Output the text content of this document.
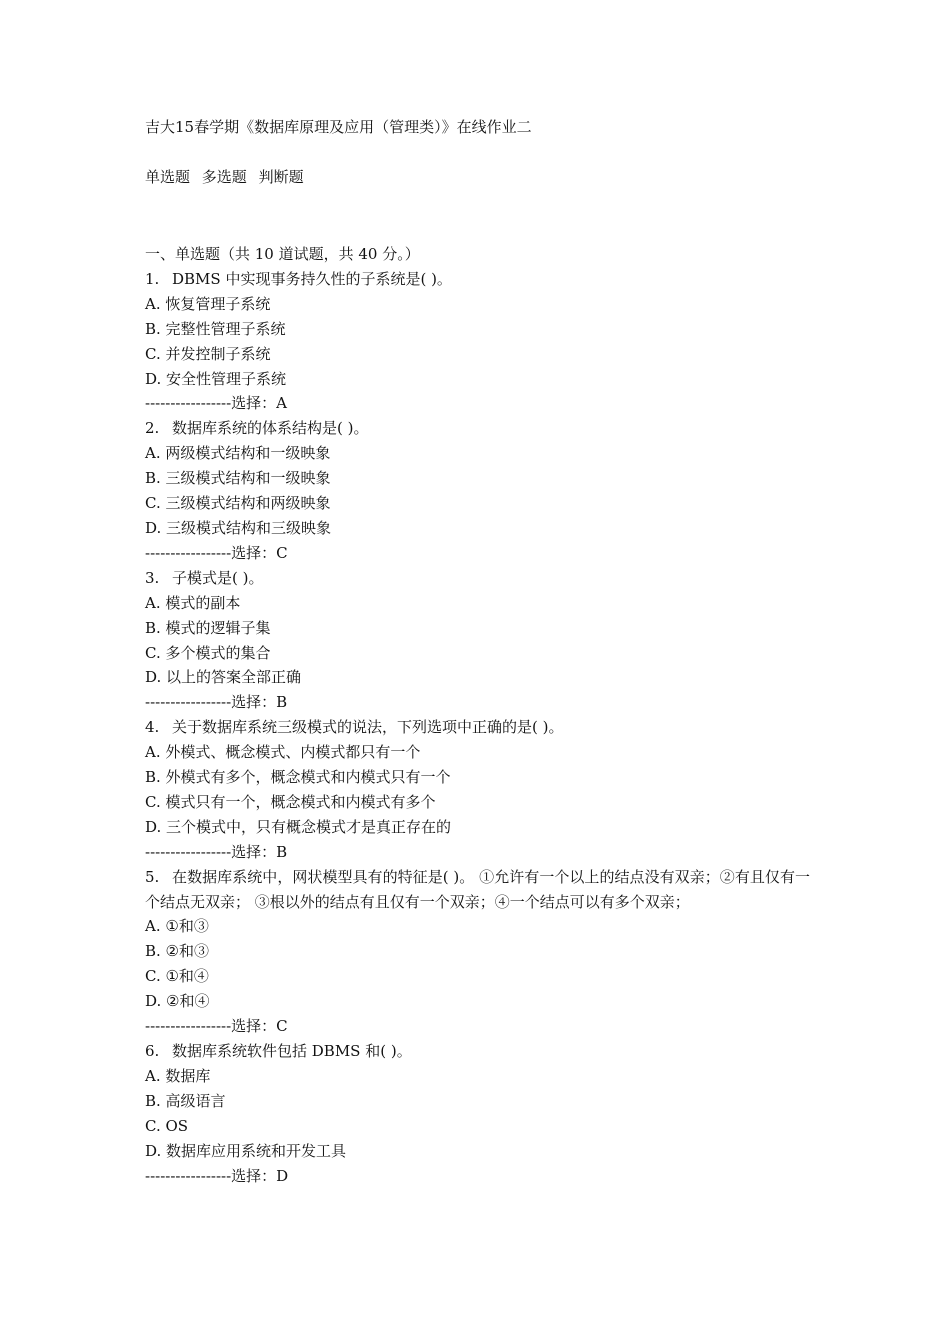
吉大15春学期《数据库原理及应用（管理类）》在线作业二
单选题 多选题 判断题
一、单选题（共 10 道试题，共 40 分。）
1. DBMS 中实现事务持久性的子系统是( )。
A. 恢复管理子系统
B. 完整性管理子系统
C. 并发控制子系统
D. 安全性管理子系统
-----------------选择：A
2. 数据库系统的体系结构是( )。
A. 两级模式结构和一级映象
B. 三级模式结构和一级映象
C. 三级模式结构和两级映象
D. 三级模式结构和三级映象
-----------------选择：C
3. 子模式是( )。
A. 模式的副本
B. 模式的逻辑子集
C. 多个模式的集合
D. 以上的答案全部正确
-----------------选择：B
4. 关于数据库系统三级模式的说法，下列选项中正确的是( )。
A. 外模式、概念模式、内模式都只有一个
B. 外模式有多个，概念模式和内模式只有一个
C. 模式只有一个，概念模式和内模式有多个
D. 三个模式中，只有概念模式才是真正存在的
-----------------选择：B
5. 在数据库系统中，网状模型具有的特征是( )。 ①允许有一个以上的结点没有双亲；②有且仅有一个结点无双亲； ③根以外的结点有且仅有一个双亲；④一个结点可以有多个双亲；
A. ①和③
B. ②和③
C. ①和④
D. ②和④
-----------------选择：C
6. 数据库系统软件包括 DBMS 和( )。
A. 数据库
B. 高级语言
C. OS
D. 数据库应用系统和开发工具
-----------------选择：D
